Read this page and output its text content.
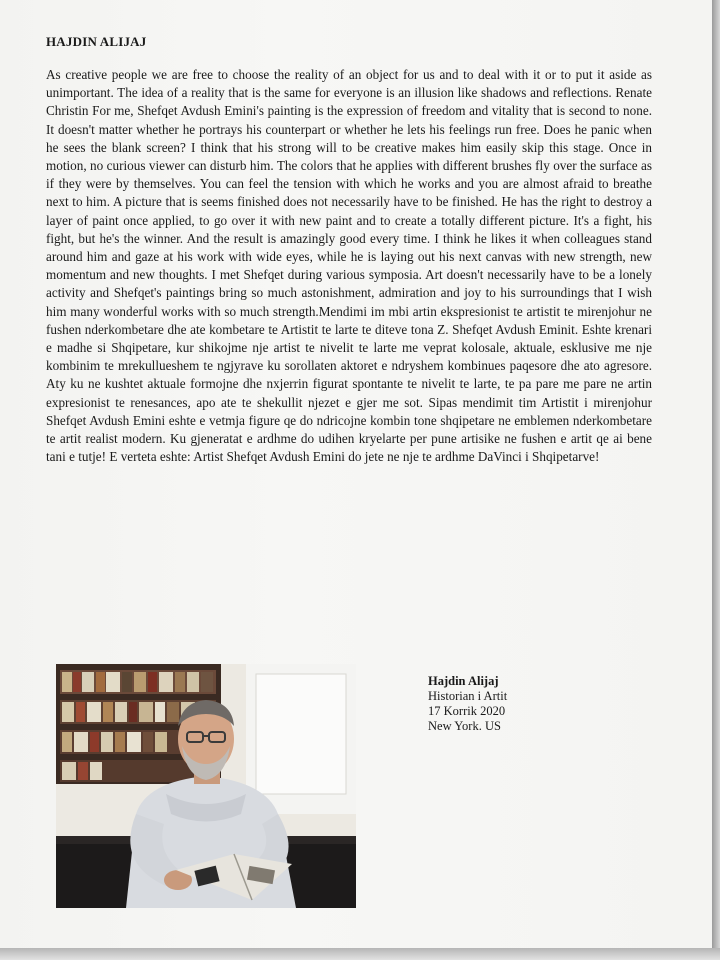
HAJDIN ALIJAJ
As creative people we are free to choose the reality of an object for us and to deal with it or to put it aside as unimportant. The idea of a reality that is the same for everyone is an illusion like shadows and reflections. Renate Christin For me, Shefqet Avdush Emini's painting is the expression of freedom and vitality that is second to none. It doesn't matter whether he portrays his counterpart or whether he lets his feelings run free. Does he panic when he sees the blank screen? I think that his strong will to be creative makes him easily skip this stage. Once in motion, no curious viewer can disturb him. The colors that he applies with different brushes fly over the surface as if they were by themselves. You can feel the tension with which he works and you are almost afraid to breathe next to him. A picture that is seems finished does not necessarily have to be finished. He has the right to destroy a layer of paint once applied, to go over it with new paint and to create a totally different picture. It's a fight, his fight, but he's the winner. And the result is amazingly good every time. I think he likes it when colleagues stand around him and gaze at his work with wide eyes, while he is laying out his next canvas with new strength, new momentum and new thoughts. I met Shefqet during various symposia. Art doesn't necessarily have to be a lonely activity and Shefqet's paintings bring so much astonishment, admiration and joy to his surroundings that I wish him many wonderful works with so much strength.Mendimi im mbi artin ekspresionist te artistit te mirenjohur ne fushen nderkombetare dhe ate kombetare te Artistit te larte te diteve tona Z. Shefqet Avdush Eminit. Eshte krenari e madhe si Shqipetare, kur shikojme nje artist te nivelit te larte me veprat kolosale, aktuale, esklusive me nje kombinim te mrekullueshem te ngjyrave ku sorollaten aktoret e ndryshem kombinues paqesore dhe ato agresore. Aty ku ne kushtet aktuale formojne dhe nxjerrin figurat spontante te nivelit te larte, te pa pare me pare ne artin expresionist te renesances, apo ate te shekullit njezet e gjer me sot. Sipas mendimit tim Artistit i mirenjohur Shefqet Avdush Emini eshte e vetmja figure qe do ndricojne kombin tone shqipetare ne emblemen nderkombetare te artit realist modern. Ku gjeneratat e ardhme do udihen kryelarte per pune artisike ne fushen e artit qe ai bene tani e tutje! E verteta eshte: Artist Shefqet Avdush Emini do jete ne nje te ardhme DaVinci i Shqipetarve!
Hajdin Alijaj
Historian i Artit
17 Korrik 2020
New York. US
